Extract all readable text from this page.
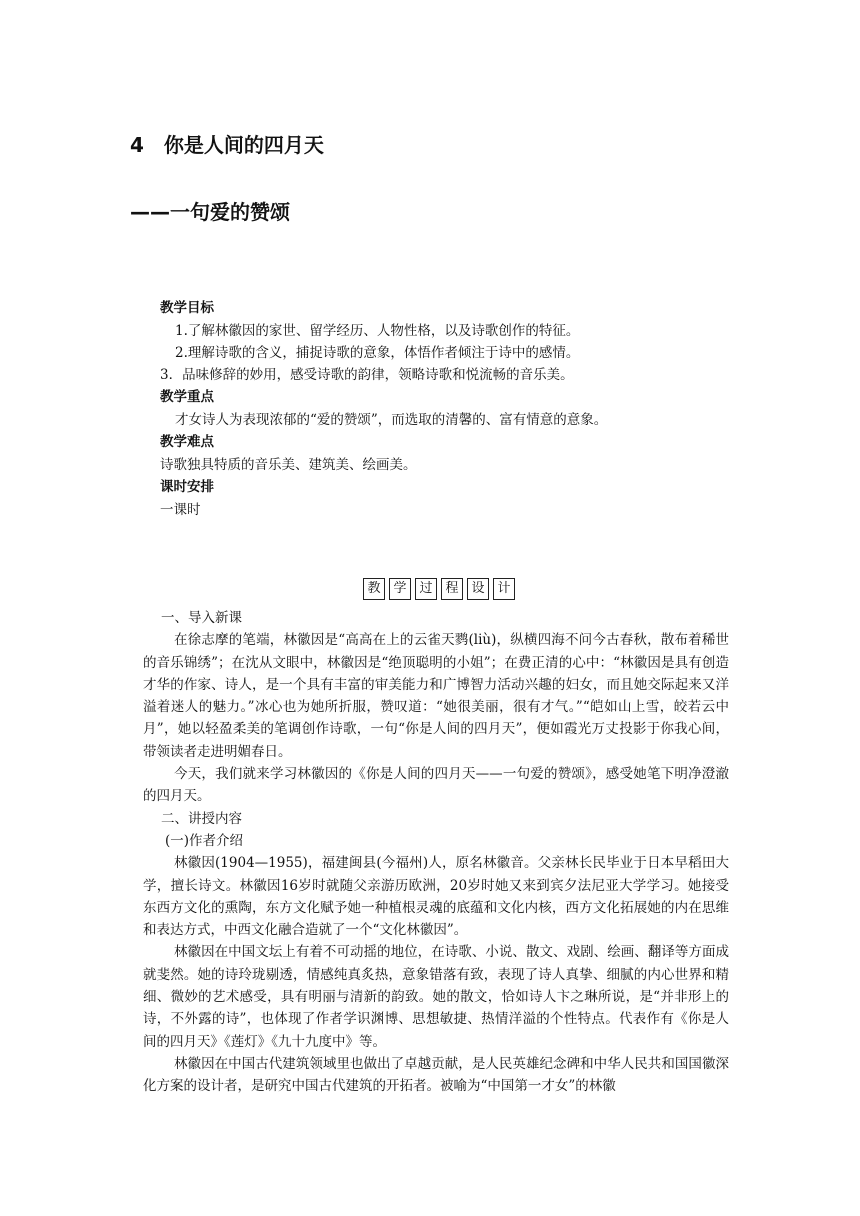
4　你是人间的四月天
——一句爱的赞颂
教学目标
1.了解林徽因的家世、留学经历、人物性格，以及诗歌创作的特征。
2.理解诗歌的含义，捕捉诗歌的意象，体悟作者倾注于诗中的感情。
3．品味修辞的妙用，感受诗歌的韵律，领略诗歌和悦流畅的音乐美。
教学重点
才女诗人为表现浓郁的“爱的赞颂”，而选取的清馨的、富有情意的意象。
教学难点
诗歌独具特质的音乐美、建筑美、绘画美。
课时安排
一课时
教 学 过 程 设 计

一、导入新课

在徐志摩的笔端，林徽因是“高高在上的云雀天鹨(liù)，纵横四海不问今古春秋，散布着稀世的音乐锦绣”；在沈从文眼中，林徽因是“绝顶聪明的小姐”；在费正清的心中：“林徽因是具有创造才华的作家、诗人，是一个具有丰富的审美能力和广博智力活动兴趣的妇女，而且她交际起来又洋溢着迷人的魅力。”冰心也为她所折服，赞叹道：“她很美丽，很有才气。”“皑如山上雪，皎若云中月”，她以轻盈柔美的笔调创作诗歌，一句“你是人间的四月天”，便如霞光万丈投影于你我心间，带领读者走进明媚春日。

今天，我们就来学习林徽因的《你是人间的四月天——一句爱的赞颂》，感受她笔下明净澄澈的四月天。

二、讲授内容

(一)作者介绍

林徽因(1904—1955)，福建闽县(今福州)人，原名林徽音。父亲林长民毕业于日本早稻田大学，擅长诗文。林徽因16岁时就随父亲游历欧洲，20岁时她又来到宾夕法尼亚大学学习。她接受东西方文化的熏陶，东方文化赋予她一种植根灵魂的底蕴和文化内核，西方文化拓展她的内在思维和表达方式，中西文化融合造就了一个“文化林徽因”。

林徽因在中国文坛上有着不可动摇的地位，在诗歌、小说、散文、戏剧、绘画、翻译等方面成就斐然。她的诗玲珑剔透，情感纯真炙热，意象错落有致，表现了诗人真挚、细腻的内心世界和精细、微妙的艺术感受，具有明丽与清新的韵致。她的散文，恰如诗人卞之琳所说，是“并非形上的诗，不外露的诗”，也体现了作者学识渊博、思想敏捷、热情洋溢的个性特点。代表作有《你是人间的四月天》《莲灯》《九十九度中》等。

林徽因在中国古代建筑领域里也做出了卓越贡献，是人民英雄纪念碑和中华人民共和国国徽深化方案的设计者，是研究中国古代建筑的开拓者。被喻为“中国第一才女”的林徽
